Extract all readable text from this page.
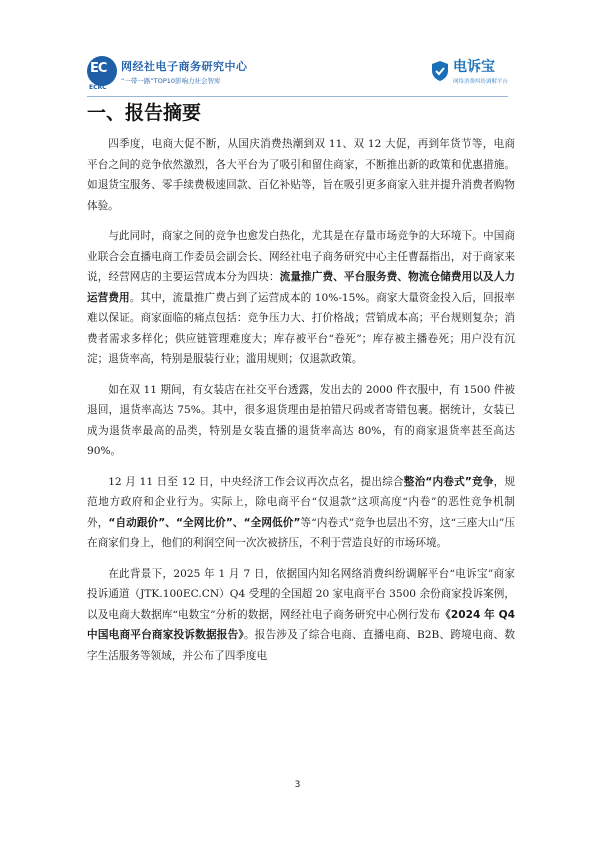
EC
ECRC
网经社电子商务研究中心
“一带一路”TOP10影响力社会智库
电诉宝
网络消费纠纷调解平台
一、报告摘要

四季度，电商大促不断，从国庆消费热潮到双 11、双 12 大促，再到年货节等，电商平台之间的竞争依然激烈，各大平台为了吸引和留住商家，不断推出新的政策和优惠措施。如退货宝服务、零手续费极速回款、百亿补贴等，旨在吸引更多商家入驻并提升消费者购物体验。

与此同时，商家之间的竞争也愈发白热化，尤其是在存量市场竞争的大环境下。中国商业联合会直播电商工作委员会副会长、网经社电子商务研究中心主任曹磊指出，对于商家来说，经营网店的主要运营成本分为四块：流量推广费、平台服务费、物流仓储费用以及人力运营费用。其中，流量推广费占到了运营成本的 10%-15%。商家大量资金投入后，回报率难以保证。商家面临的痛点包括：竞争压力大、打价格战；营销成本高；平台规则复杂；消费者需求多样化；供应链管理难度大；库存被平台“卷死”；库存被主播卷死；用户没有沉淀；退货率高，特别是服装行业；滥用规则；仅退款政策。

如在双 11 期间，有女装店在社交平台透露，发出去的 2000 件衣服中，有 1500 件被退回，退货率高达 75%。其中，很多退货理由是拍错尺码或者寄错包裹。据统计，女装已成为退货率最高的品类，特别是女装直播的退货率高达 80%，有的商家退货率甚至高达 90%。

12 月 11 日至 12 日，中央经济工作会议再次点名，提出综合整治“内卷式”竞争，规范地方政府和企业行为。实际上，除电商平台“仅退款”这项高度“内卷”的恶性竞争机制外，“自动跟价”、“全网比价”、“全网低价”等“内卷式”竞争也层出不穷，这“三座大山”压在商家们身上，他们的利润空间一次次被挤压，不利于营造良好的市场环境。

在此背景下，2025 年 1 月 7 日，依据国内知名网络消费纠纷调解平台“电诉宝”商家投诉通道（JTK.100EC.CN）Q4 受理的全国超 20 家电商平台 3500 余份商家投诉案例，以及电商大数据库“电数宝”分析的数据，网经社电子商务研究中心例行发布《2024 年 Q4 中国电商平台商家投诉数据报告》。报告涉及了综合电商、直播电商、B2B、跨境电商、数字生活服务等领域，并公布了四季度电

3
